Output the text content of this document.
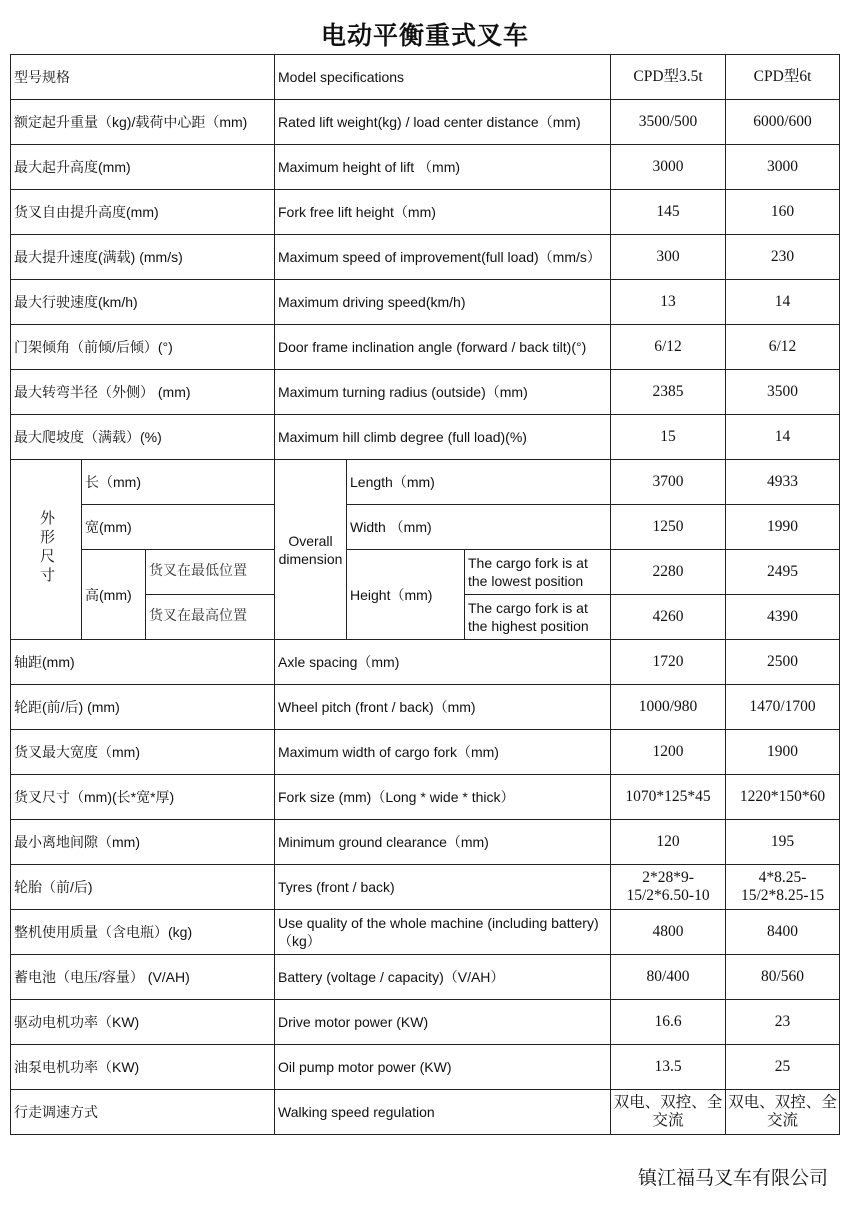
电动平衡重式叉车
型号规格			Model specifications			CPD型3.5t	CPD型6t
额定起升重量（kg)/载荷中心距（mm)			Rated lift weight(kg) / load center distance（mm)			3500/500	6000/600
最大起升高度(mm)			Maximum height of lift （mm)			3000	3000
货叉自由提升高度(mm)			Fork free lift height（mm)			145	160
最大提升速度(满载) (mm/s)			Maximum speed of improvement(full load)（mm/s）			300	230
最大行驶速度(km/h)			Maximum driving speed(km/h)			13	14
门架倾角（前倾/后倾）(°)			Door frame inclination angle (forward / back tilt)(°)			6/12	6/12
最大转弯半径（外侧） (mm)			Maximum turning radius (outside)（mm)			2385	3500
最大爬坡度（满载）(%)			Maximum hill climb degree (full load)(%)			15	14
外形尺寸	长（mm)		Overall dimension	Length（mm)		3700	4933
	宽(mm)			Width （mm)		1250	1990
	高(mm)	货叉在最低位置		Height（mm)	The cargo fork is at the lowest position	2280	2495
		货叉在最高位置			The cargo fork is at the highest position	4260	4390
轴距(mm)			Axle spacing（mm)			1720	2500
轮距(前/后) (mm)			Wheel pitch (front / back)（mm)			1000/980	1470/1700
货叉最大宽度（mm)			Maximum width of cargo fork（mm)			1200	1900
货叉尺寸（mm)(长*宽*厚)			Fork size (mm)（Long * wide * thick）			1070*125*45	1220*150*60
最小离地间隙（mm)			Minimum ground clearance（mm)			120	195
轮胎（前/后)			Tyres (front / back)			2*28*9-15/2*6.50-10	4*8.25-15/2*8.25-15
整机使用质量（含电瓶）(kg)			Use quality of the whole machine (including battery)（kg）			4800	8400
蓄电池（电压/容量） (V/AH)			Battery (voltage / capacity)（V/AH）			80/400	80/560
驱动电机功率（KW)			Drive motor power (KW)			16.6	23
油泵电机功率（KW)			Oil pump motor power (KW)			13.5	25
行走调速方式			Walking speed regulation			双电、双控、全交流	双电、双控、全交流
镇江福马叉车有限公司
